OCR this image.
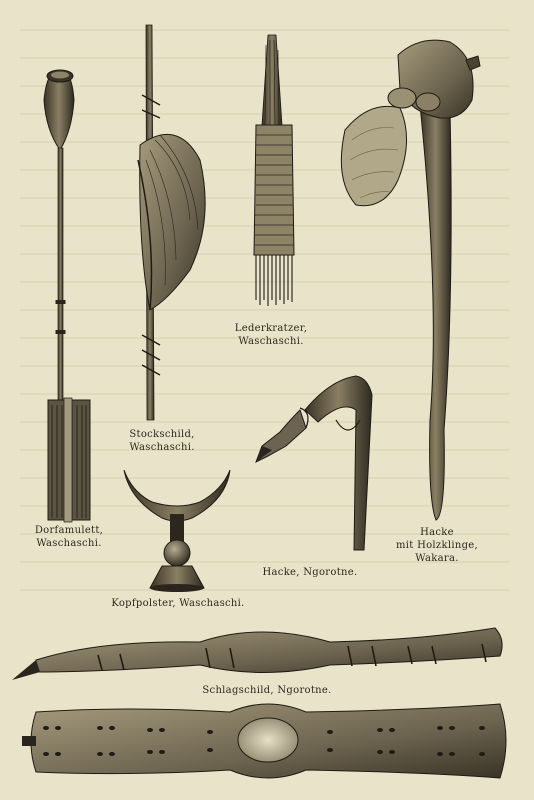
Dorfamulett,
Waschaschi.
Stockschild,
Waschaschi.
Lederkratzer,
Waschaschi.
Hacke
mit Holzklinge,
Wakara.
Hacke, Ngorotne.
Kopfpolster, Waschaschi.
Schlagschild, Ngorotne.
